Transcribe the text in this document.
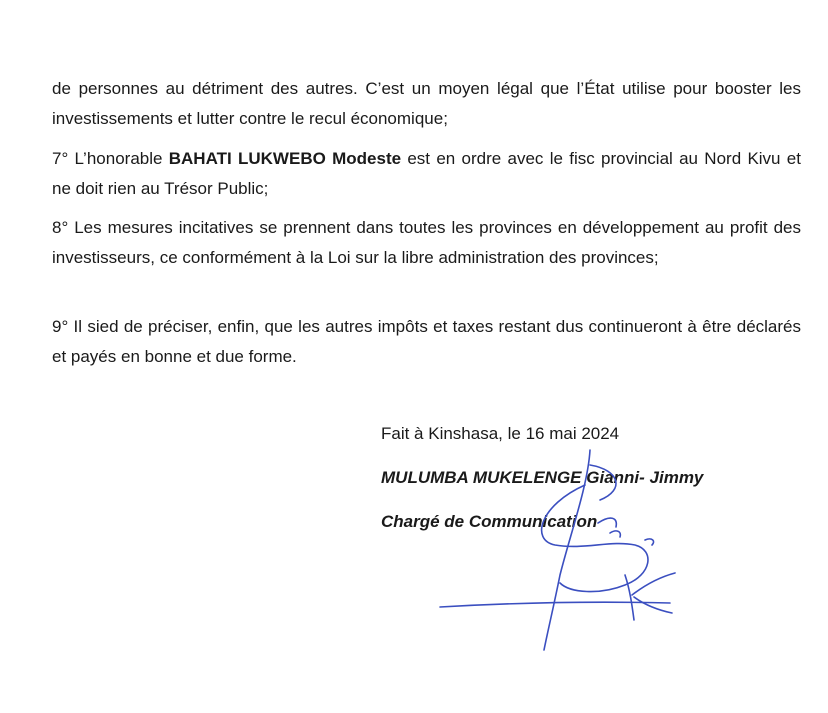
de personnes au détriment des autres. C’est un moyen légal que l’État utilise pour booster les investissements et lutter contre le recul économique;

7° L’honorable BAHATI LUKWEBO Modeste est en ordre avec le fisc provincial au Nord Kivu et ne doit rien au Trésor Public;

8° Les mesures incitatives se prennent dans toutes les provinces en développement au profit des investisseurs, ce conformément à la Loi sur la libre administration des provinces;

9° Il sied de préciser, enfin, que les autres impôts et taxes restant dus continueront à être déclarés et payés en bonne et due forme.

Fait à Kinshasa, le 16 mai 2024
MULUMBA MUKELENGE Gianni- Jimmy
Chargé de Communication
